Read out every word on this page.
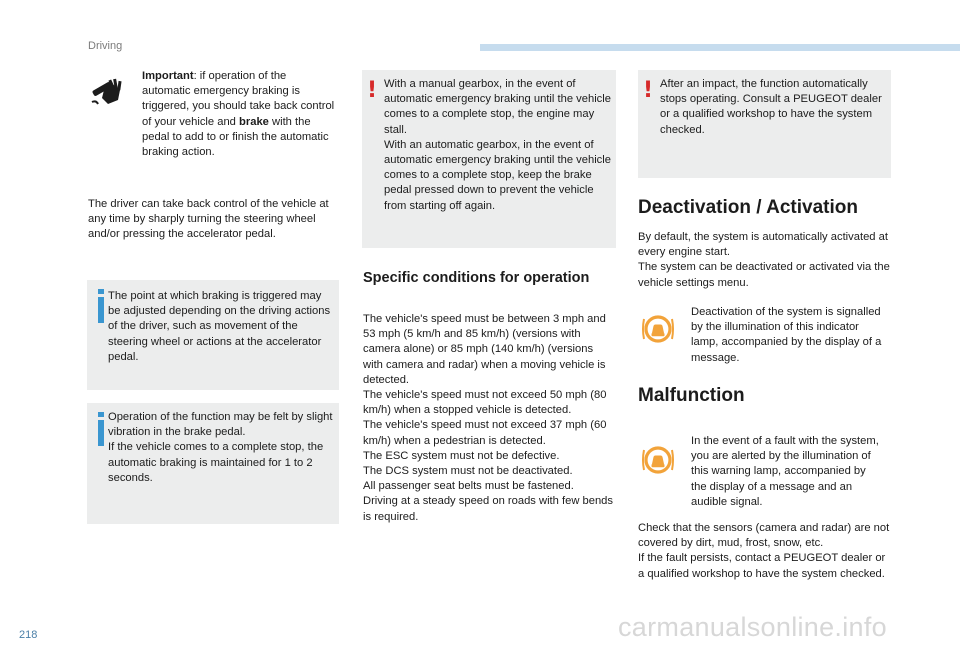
Driving

Important: if operation of the automatic emergency braking is triggered, you should take back control of your vehicle and brake with the pedal to add to or finish the automatic braking action.

The driver can take back control of the vehicle at any time by sharply turning the steering wheel and/or pressing the accelerator pedal.

The point at which braking is triggered may be adjusted depending on the driving actions of the driver, such as movement of the steering wheel or actions at the accelerator pedal.

Operation of the function may be felt by slight vibration in the brake pedal.

If the vehicle comes to a complete stop, the automatic braking is maintained for 1 to 2 seconds.

! With a manual gearbox, in the event of automatic emergency braking until the vehicle comes to a complete stop, the engine may stall.

With an automatic gearbox, in the event of automatic emergency braking until the vehicle comes to a complete stop, keep the brake pedal pressed down to prevent the vehicle from starting off again.

Specific conditions for operation

The vehicle's speed must be between 3 mph and 53 mph (5 km/h and 85 km/h) (versions with camera alone) or 85 mph (140 km/h) (versions with camera and radar) when a moving vehicle is detected.

The vehicle's speed must not exceed 50 mph (80 km/h) when a stopped vehicle is detected.

The vehicle's speed must not exceed 37 mph (60 km/h) when a pedestrian is detected.

The ESC system must not be defective.

The DCS system must not be deactivated.

All passenger seat belts must be fastened.

Driving at a steady speed on roads with few bends is required.

! After an impact, the function automatically stops operating. Consult a PEUGEOT dealer or a qualified workshop to have the system checked.

Deactivation / Activation

By default, the system is automatically activated at every engine start.

The system can be deactivated or activated via the vehicle settings menu.

Deactivation of the system is signalled by the illumination of this indicator lamp, accompanied by the display of a message.

Malfunction

In the event of a fault with the system, you are alerted by the illumination of this warning lamp, accompanied by the display of a message and an audible signal.

Check that the sensors (camera and radar) are not covered by dirt, mud, frost, snow, etc.

If the fault persists, contact a PEUGEOT dealer or a qualified workshop to have the system checked.

218	carmanualsonline.info
